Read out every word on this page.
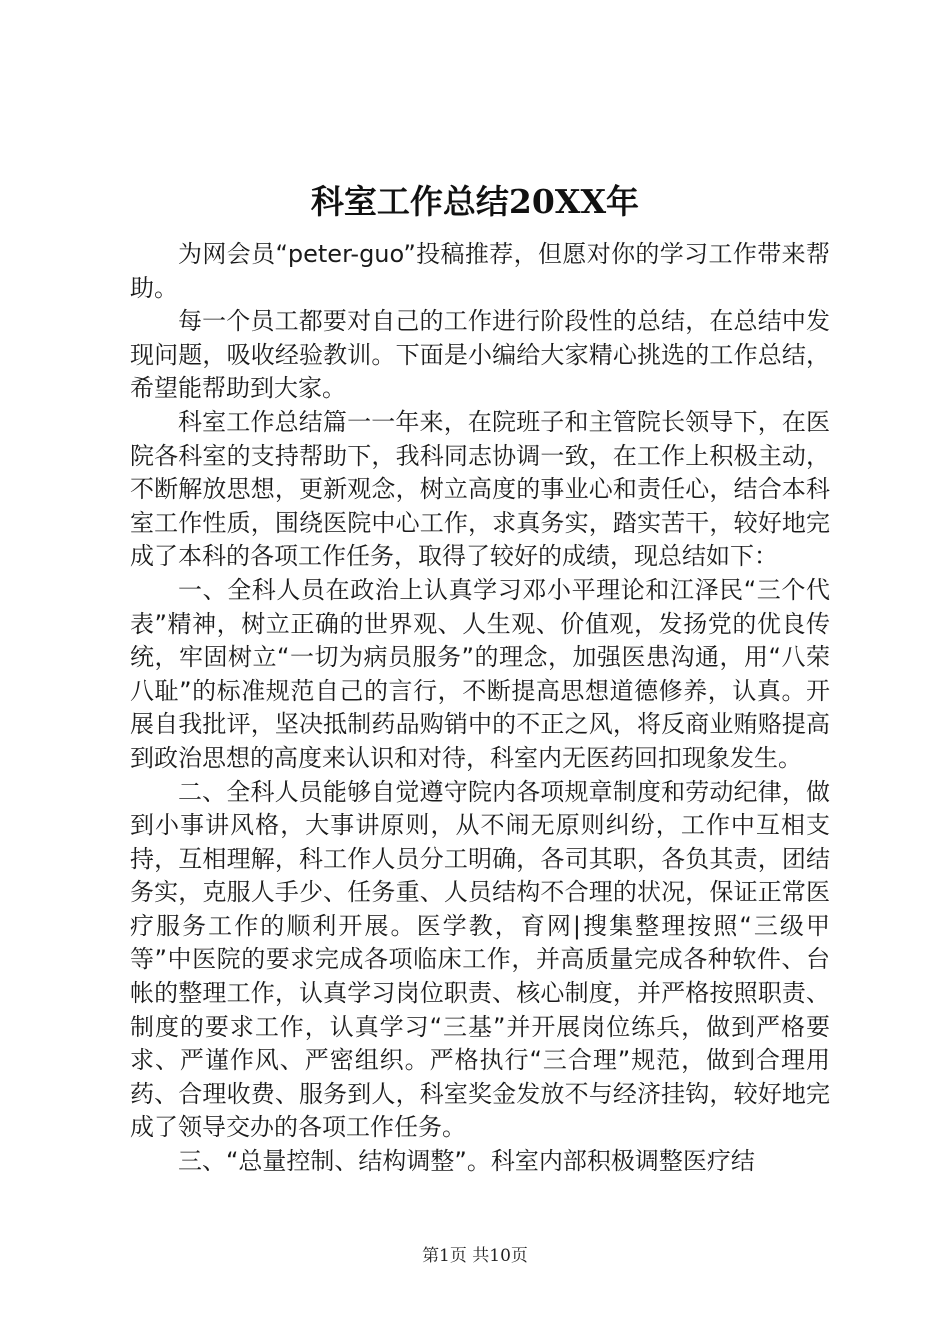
科室工作总结20XX年

为网会员“peter-guo”投稿推荐，但愿对你的学习工作带来帮助。

每一个员工都要对自己的工作进行阶段性的总结，在总结中发现问题，吸收经验教训。下面是小编给大家精心挑选的工作总结，希望能帮助到大家。

科室工作总结篇一一年来，在院班子和主管院长领导下，在医院各科室的支持帮助下，我科同志协调一致，在工作上积极主动，不断解放思想，更新观念，树立高度的事业心和责任心，结合本科室工作性质，围绕医院中心工作，求真务实，踏实苦干，较好地完成了本科的各项工作任务，取得了较好的成绩，现总结如下：

一、全科人员在政治上认真学习邓小平理论和江泽民“三个代表”精神，树立正确的世界观、人生观、价值观，发扬党的优良传统，牢固树立“一切为病员服务”的理念，加强医患沟通，用“八荣八耻”的标准规范自己的言行，不断提高思想道德修养，认真。开展自我批评，坚决抵制药品购销中的不正之风，将反商业贿赂提高到政治思想的高度来认识和对待，科室内无医药回扣现象发生。

二、全科人员能够自觉遵守院内各项规章制度和劳动纪律，做到小事讲风格，大事讲原则，从不闹无原则纠纷，工作中互相支持，互相理解，科工作人员分工明确，各司其职，各负其责，团结务实，克服人手少、任务重、人员结构不合理的状况，保证正常医疗服务工作的顺利开展。医学教，育网|搜集整理按照“三级甲等”中医院的要求完成各项临床工作，并高质量完成各种软件、台帐的整理工作，认真学习岗位职责、核心制度，并严格按照职责、制度的要求工作，认真学习“三基”并开展岗位练兵，做到严格要求、严谨作风、严密组织。严格执行“三合理”规范，做到合理用药、合理收费、服务到人，科室奖金发放不与经济挂钩，较好地完成了领导交办的各项工作任务。

三、“总量控制、结构调整”。科室内部积极调整医疗结

第1页 共10页
